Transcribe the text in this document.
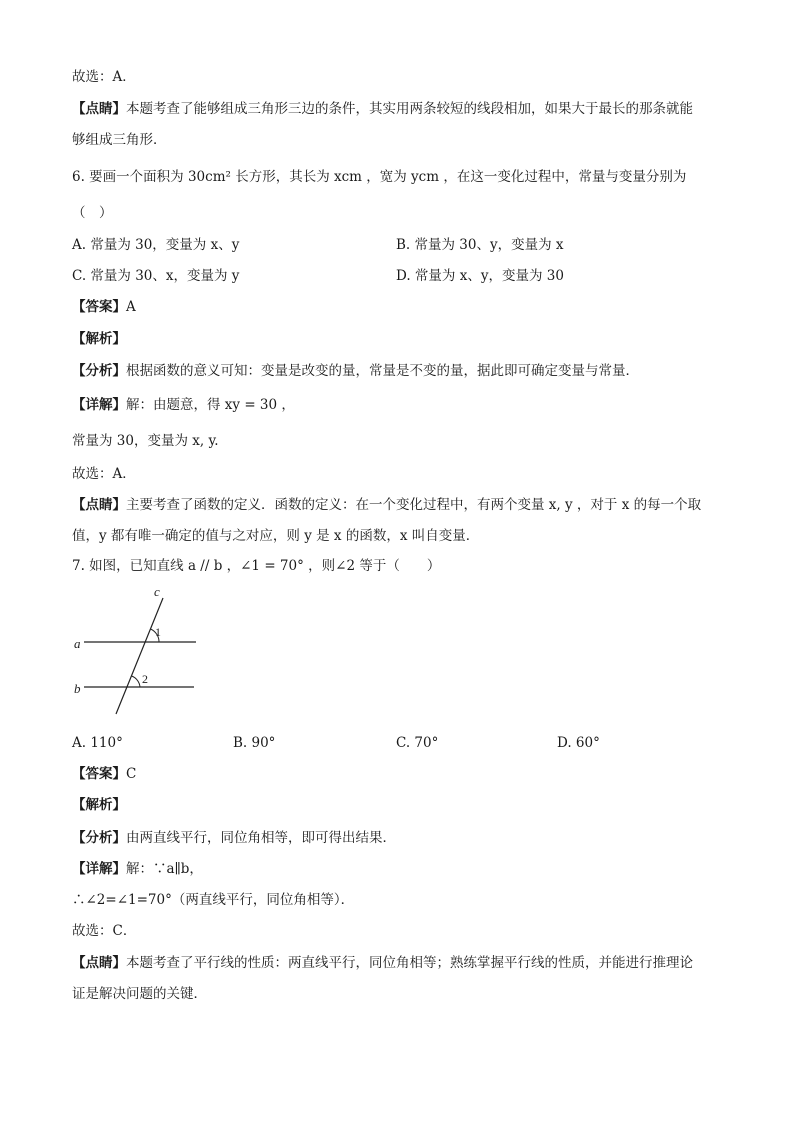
故选：A．
【点睛】本题考查了能够组成三角形三边的条件，其实用两条较短的线段相加，如果大于最长的那条就能
够组成三角形．
6. 要画一个面积为 30cm² 长方形，其长为 xcm ，宽为 ycm ，在这一变化过程中，常量与变量分别为
（　）
A. 常量为 30，变量为 x、y	B. 常量为 30、y，变量为 x
C. 常量为 30、x，变量为 y	D. 常量为 x、y，变量为 30
【答案】A
【解析】
【分析】根据函数的意义可知：变量是改变的量，常量是不变的量，据此即可确定变量与常量．
【详解】解：由题意，得 xy = 30 ，
常量为 30，变量为 x, y.
故选：A．
【点睛】主要考查了函数的定义．函数的定义：在一个变化过程中，有两个变量 x, y ，对于 x 的每一个取
值，y 都有唯一确定的值与之对应，则 y 是 x 的函数，x 叫自变量．
7. 如图，已知直线 a // b ，∠1 = 70° ，则∠2 等于（　　）
c
a
b
1
2
A. 110°	B. 90°	C. 70°	D. 60°
【答案】C
【解析】
【分析】由两直线平行，同位角相等，即可得出结果．
【详解】解：∵a∥b，
∴∠2=∠1=70°（两直线平行，同位角相等）．
故选：C．
【点睛】本题考查了平行线的性质：两直线平行，同位角相等；熟练掌握平行线的性质，并能进行推理论
证是解决问题的关键．
